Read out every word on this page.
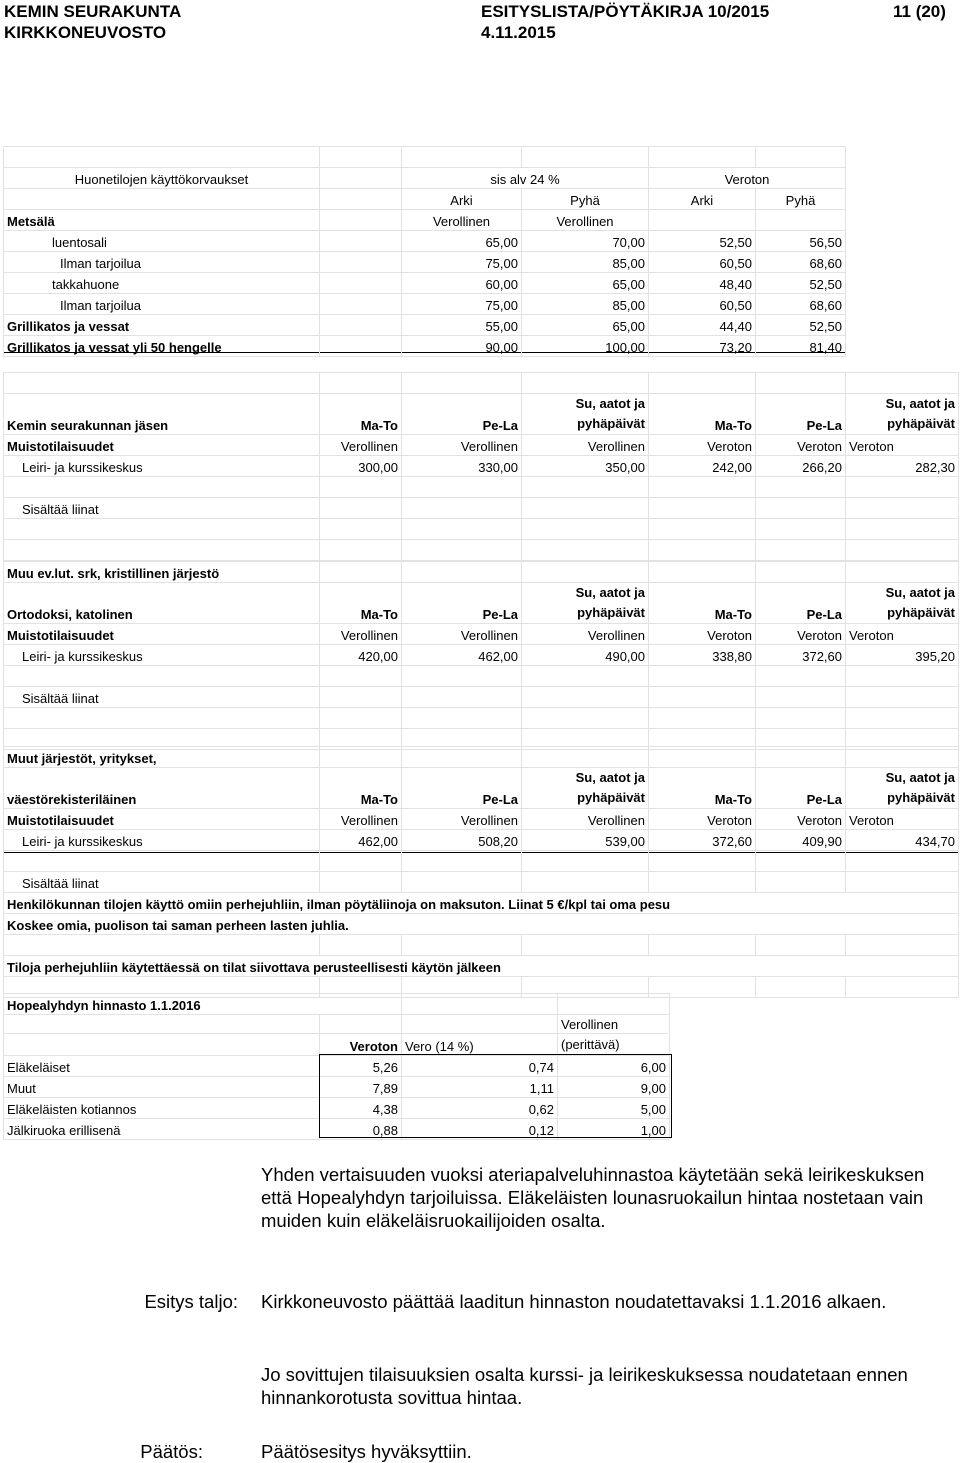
KEMIN SEURAKUNTA
KIRKKONEUVOSTO
ESITYSLISTA/PÖYTÄKIRJA 10/2015
4.11.2015
11 (20)

Huonetilojen käyttökorvaukset		sis alv 24 %		Veroton	
		Arki	Pyhä	Arki	Pyhä
Metsälä		Verollinen	Verollinen		
luentosali		65,00	70,00	52,50	56,50
Ilman tarjoilua		75,00	85,00	60,50	68,60
takkahuone		60,00	65,00	48,40	52,50
Ilman tarjoilua		75,00	85,00	60,50	68,60
Grillikatos ja vessat		55,00	65,00	44,40	52,50
Grillikatos ja vessat yli 50 hengelle		90,00	100,00	73,20	81,40

Kemin seurakunnan jäsen	Ma-To	Pe-La	Su, aatot ja pyhäpäivät	Ma-To	Pe-La	Su, aatot ja pyhäpäivät
Muistotilaisuudet	Verollinen	Verollinen	Verollinen	Veroton	Veroton	Veroton
Leiri- ja kurssikeskus	300,00	330,00	350,00	242,00	266,20	282,30

Sisältää liinat						

Muu ev.lut. srk, kristillinen järjestö						
Ortodoksi, katolinen	Ma-To	Pe-La	Su, aatot ja pyhäpäivät	Ma-To	Pe-La	Su, aatot ja pyhäpäivät
Muistotilaisuudet	Verollinen	Verollinen	Verollinen	Veroton	Veroton	Veroton
Leiri- ja kurssikeskus	420,00	462,00	490,00	338,80	372,60	395,20

Sisältää liinat						

Muut järjestöt, yritykset,						
väestörekisteriläinen	Ma-To	Pe-La	Su, aatot ja pyhäpäivät	Ma-To	Pe-La	Su, aatot ja pyhäpäivät
Muistotilaisuudet	Verollinen	Verollinen	Verollinen	Veroton	Veroton	Veroton
Leiri- ja kurssikeskus	462,00	508,20	539,00	372,60	409,90	434,70

Sisältää liinat						
Henkilökunnan tilojen käyttö omiin perhejuhliin, ilman pöytäliinoja on maksuton. Liinat 5 €/kpl tai oma pesu						
Koskee omia, puolison tai saman perheen lasten juhlia.						

Tiloja perhejuhliin käytettäessä on tilat siivottava perusteellisesti käytön jälkeen						

Hopealyhdyn hinnasto 1.1.2016			
	Veroton	Vero (14 %)	Verollinen (perittävä)
Eläkeläiset	5,26	0,74	6,00
Muut	7,89	1,11	9,00
Eläkeläisten kotiannos	4,38	0,62	5,00
Jälkiruoka erillisenä	0,88	0,12	1,00

Yhden vertaisuuden vuoksi ateriapalveluhinnastoa käytetään sekä leirikeskuksen että Hopealyhdyn tarjoiluissa. Eläkeläisten lounasruokailun hintaa nostetaan vain muiden kuin eläkeläisruokailijoiden osalta.

Esitys taljo: Kirkkoneuvosto päättää laaditun hinnaston noudatettavaksi 1.1.2016 alkaen.

Jo sovittujen tilaisuuksien osalta kurssi- ja leirikeskuksessa noudatetaan ennen hinnankorotusta sovittua hintaa.

Päätös:	Päätösesitys hyväksyttiin.
